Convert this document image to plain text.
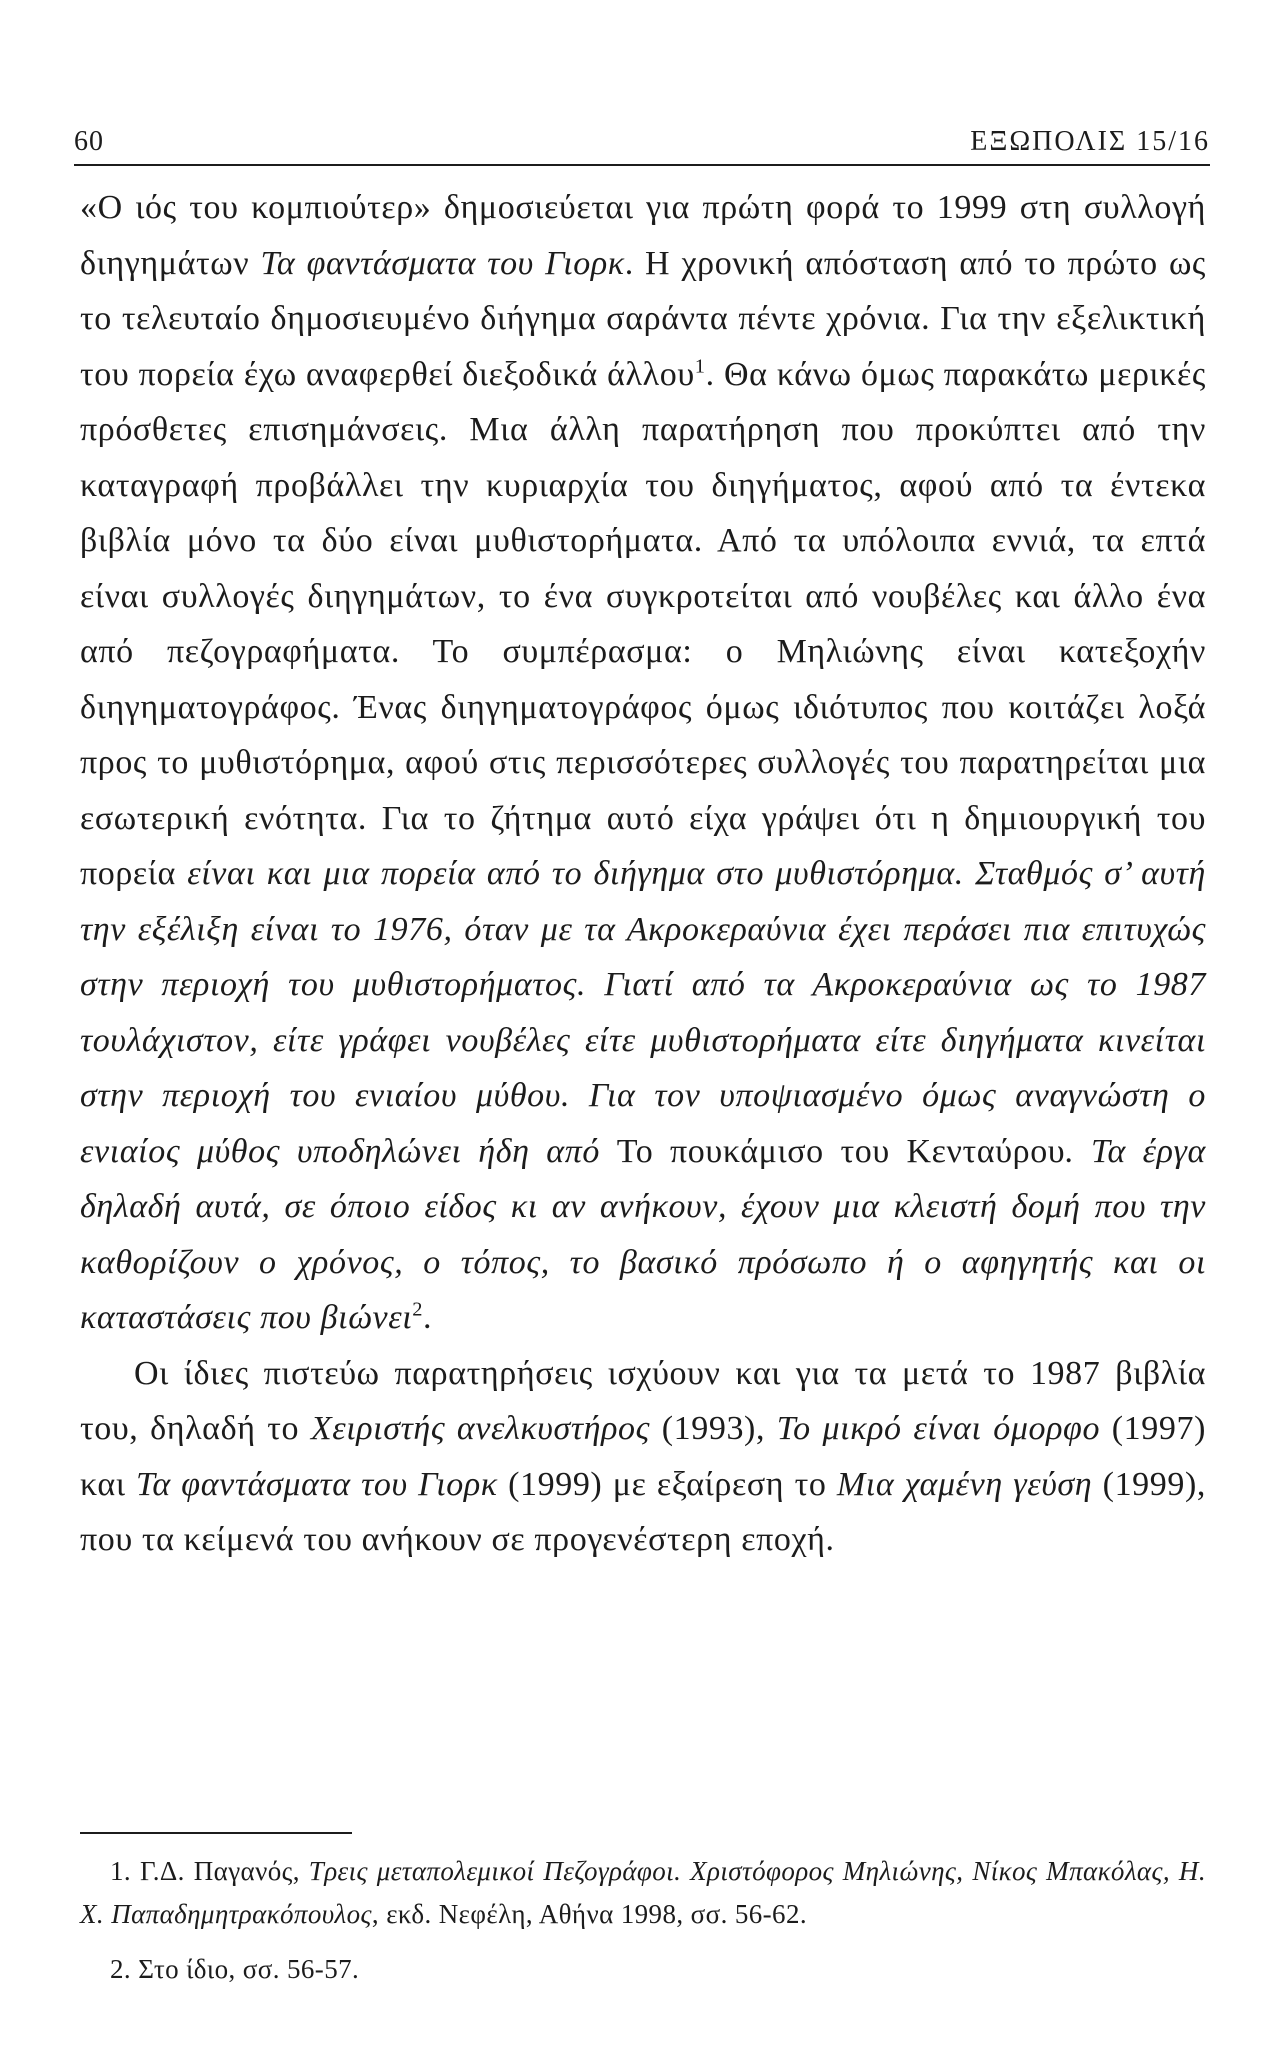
60	ΕΞΩΠΟΛΙΣ 15/16

«Ο ιός του κομπιούτερ» δημοσιεύεται για πρώτη φορά το 1999 στη συλλογή διηγημάτων Τα φαντάσματα του Γιορκ. Η χρονική απόσταση από το πρώτο ως το τελευταίο δημοσιευμένο διήγημα σαράντα πέντε χρόνια. Για την εξελικτική του πορεία έχω αναφερθεί διεξοδικά άλλου$^1$. Θα κάνω όμως παρακάτω μερικές πρόσθετες επισημάνσεις. Μια άλλη παρατήρηση που προκύπτει από την καταγραφή προβάλλει την κυριαρχία του διηγήματος, αφού από τα έντεκα βιβλία μόνο τα δύο είναι μυθιστορήματα. Από τα υπόλοιπα εννιά, τα επτά είναι συλλογές διηγημάτων, το ένα συγκροτείται από νουβέλες και άλλο ένα από πεζογραφήματα. Το συμπέρασμα: ο Μηλιώνης είναι κατεξοχήν διηγηματογράφος. Ένας διηγηματογράφος όμως ιδιότυπος που κοιτάζει λοξά προς το μυθιστόρημα, αφού στις περισσότερες συλλογές του παρατηρείται μια εσωτερική ενότητα. Για το ζήτημα αυτό είχα γράψει ότι η δημιουργική του πορεία είναι και μια πορεία από το διήγημα στο μυθιστόρημα. Σταθμός σ’ αυτή την εξέλιξη είναι το 1976, όταν με τα Ακροκεραύνια έχει περάσει πια επιτυχώς στην περιοχή του μυθιστορήματος. Γιατί από τα Ακροκεραύνια ως το 1987 τουλάχιστον, είτε γράφει νουβέλες είτε μυθιστορήματα είτε διηγήματα κινείται στην περιοχή του ενιαίου μύθου. Για τον υποψιασμένο όμως αναγνώστη ο ενιαίος μύθος υποδηλώνει ήδη από Το πουκάμισο του Κενταύρου. Τα έργα δηλαδή αυτά, σε όποιο είδος κι αν ανήκουν, έχουν μια κλειστή δομή που την καθορίζουν ο χρόνος, ο τόπος, το βασικό πρόσωπο ή ο αφηγητής και οι καταστάσεις που βιώνει$^2$.

Οι ίδιες πιστεύω παρατηρήσεις ισχύουν και για τα μετά το 1987 βιβλία του, δηλαδή το Χειριστής ανελκυστήρος (1993), Το μικρό είναι όμορφο (1997) και Τα φαντάσματα του Γιορκ (1999) με εξαίρεση το Μια χαμένη γεύση (1999), που τα κείμενά του ανήκουν σε προγενέστερη εποχή.

1. Γ.Δ. Παγανός, Τρεις μεταπολεμικοί Πεζογράφοι. Χριστόφορος Μηλιώνης, Νίκος Μπακόλας, Η. Χ. Παπαδημητρακόπουλος, εκδ. Νεφέλη, Αθήνα 1998, σσ. 56-62.

2. Στο ίδιο, σσ. 56-57.
